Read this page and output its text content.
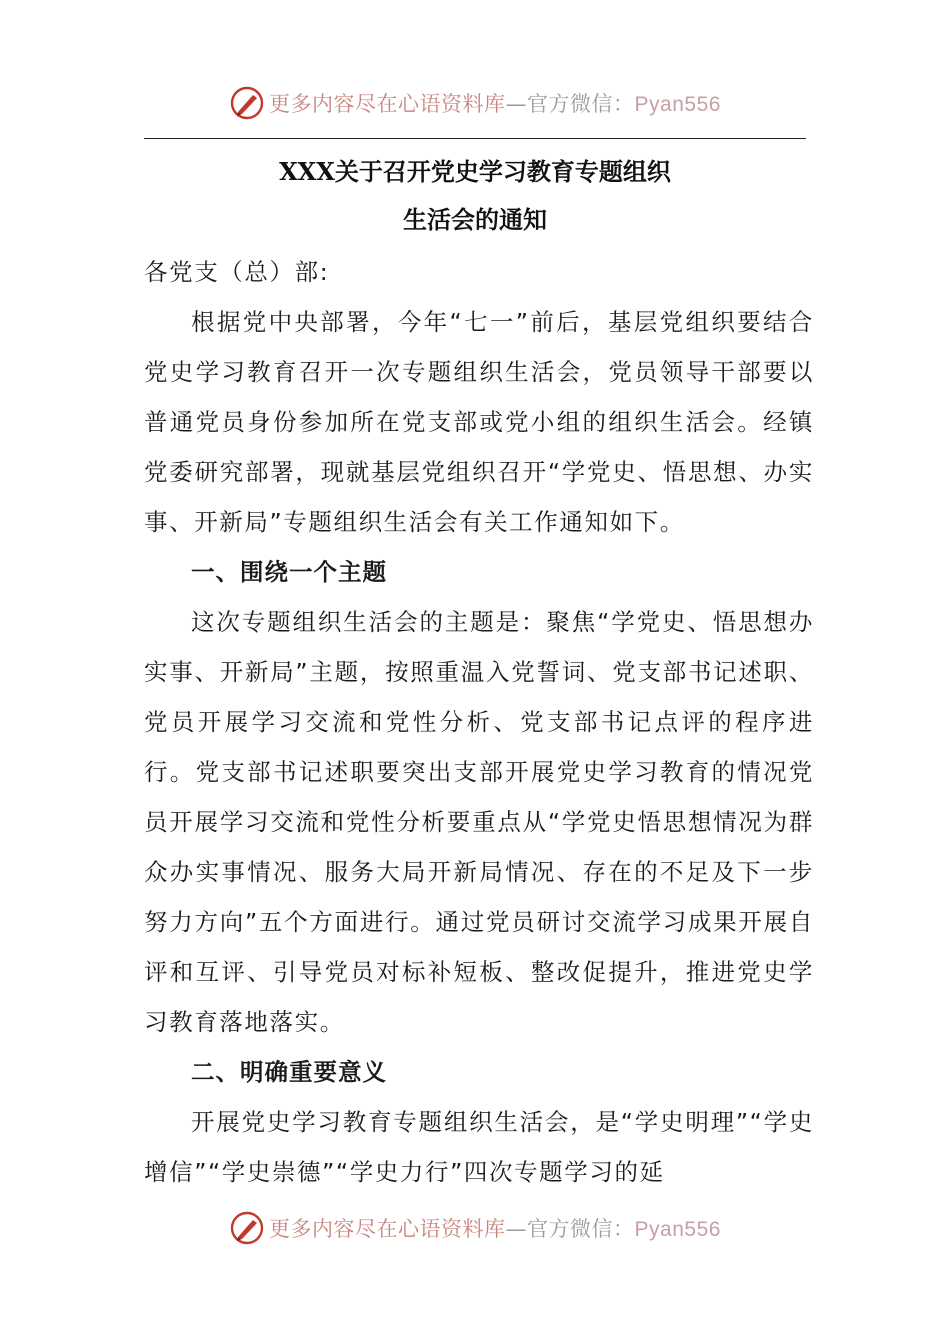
更多内容尽在心语资料库—官方微信：Pyan556
XXX关于召开党史学习教育专题组织
生活会的通知

各党支（总）部:

根据党中央部署，今年“七一”前后，基层党组织要结合党史学习教育召开一次专题组织生活会，党员领导干部要以普通党员身份参加所在党支部或党小组的组织生活会。经镇党委研究部署，现就基层党组织召开“学党史、悟思想、办实事、开新局”专题组织生活会有关工作通知如下。

一、围绕一个主题

这次专题组织生活会的主题是：聚焦“学党史、悟思想办实事、开新局”主题，按照重温入党誓词、党支部书记述职、党员开展学习交流和党性分析、党支部书记点评的程序进行。党支部书记述职要突出支部开展党史学习教育的情况党员开展学习交流和党性分析要重点从“学党史悟思想情况为群众办实事情况、服务大局开新局情况、存在的不足及下一步努力方向”五个方面进行。通过党员研讨交流学习成果开展自评和互评、引导党员对标补短板、整改促提升，推进党史学习教育落地落实。

二、明确重要意义

开展党史学习教育专题组织生活会，是“学史明理”“学史增信”“学史崇德”“学史力行”四次专题学习的延

更多内容尽在心语资料库—官方微信：Pyan556
